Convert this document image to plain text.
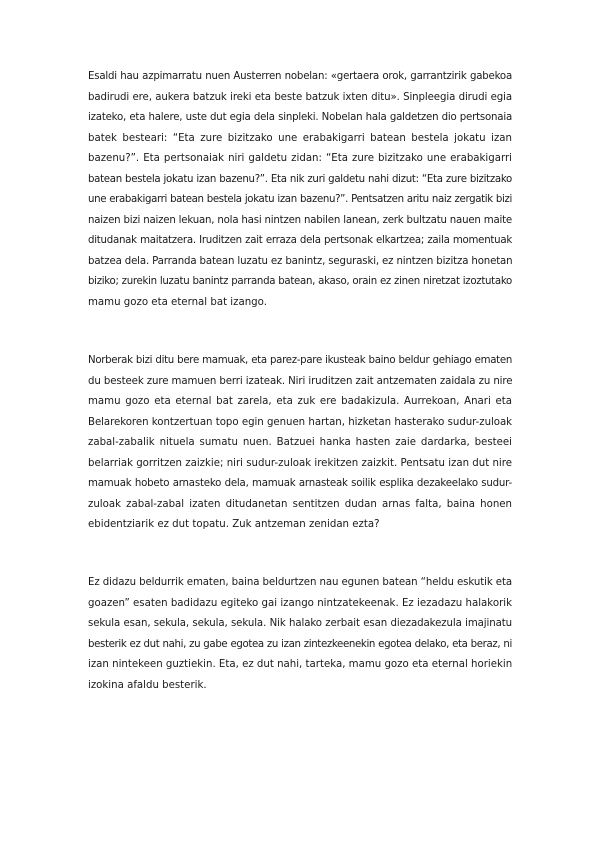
Esaldi hau azpimarratu nuen Austerren nobelan: «gertaera orok, garrantzirik gabekoa
badirudi ere, aukera batzuk ireki eta beste batzuk ixten ditu». Sinpleegia dirudi egia
izateko, eta halere, uste dut egia dela sinpleki. Nobelan hala galdetzen dio pertsonaia
batek besteari: “Eta zure bizitzako une erabakigarri batean bestela jokatu izan
bazenu?”. Eta pertsonaiak niri galdetu zidan: “Eta zure bizitzako une erabakigarri
batean bestela jokatu izan bazenu?”. Eta nik zuri galdetu nahi dizut: “Eta zure bizitzako
une erabakigarri batean bestela jokatu izan bazenu?”. Pentsatzen aritu naiz zergatik bizi
naizen bizi naizen lekuan, nola hasi nintzen nabilen lanean, zerk bultzatu nauen maite
ditudanak maitatzera. Iruditzen zait erraza dela pertsonak elkartzea; zaila momentuak
batzea dela. Parranda batean luzatu ez banintz, seguraski, ez nintzen bizitza honetan
biziko; zurekin luzatu banintz parranda batean, akaso, orain ez zinen niretzat izoztutako
mamu gozo eta eternal bat izango.
Norberak bizi ditu bere mamuak, eta parez-pare ikusteak baino beldur gehiago ematen
du besteek zure mamuen berri izateak. Niri iruditzen zait antzematen zaidala zu nire
mamu gozo eta eternal bat zarela, eta zuk ere badakizula. Aurrekoan, Anari eta
Belarekoren kontzertuan topo egin genuen hartan, hizketan hasterako sudur-zuloak
zabal-zabalik nituela sumatu nuen. Batzuei hanka hasten zaie dardarka, besteei
belarriak gorritzen zaizkie; niri sudur-zuloak irekitzen zaizkit. Pentsatu izan dut nire
mamuak hobeto arnasteko dela, mamuak arnasteak soilik esplika dezakeelako sudur-
zuloak zabal-zabal izaten ditudanetan sentitzen dudan arnas falta, baina honen
ebidentziarik ez dut topatu. Zuk antzeman zenidan ezta?
Ez didazu beldurrik ematen, baina beldurtzen nau egunen batean “heldu eskutik eta
goazen” esaten badidazu egiteko gai izango nintzatekeenak. Ez iezadazu halakorik
sekula esan, sekula, sekula, sekula. Nik halako zerbait esan diezadakezula imajinatu
besterik ez dut nahi, zu gabe egotea zu izan zintezkeenekin egotea delako, eta beraz, ni
izan nintekeen guztiekin. Eta, ez dut nahi, tarteka, mamu gozo eta eternal horiekin
izokina afaldu besterik.
